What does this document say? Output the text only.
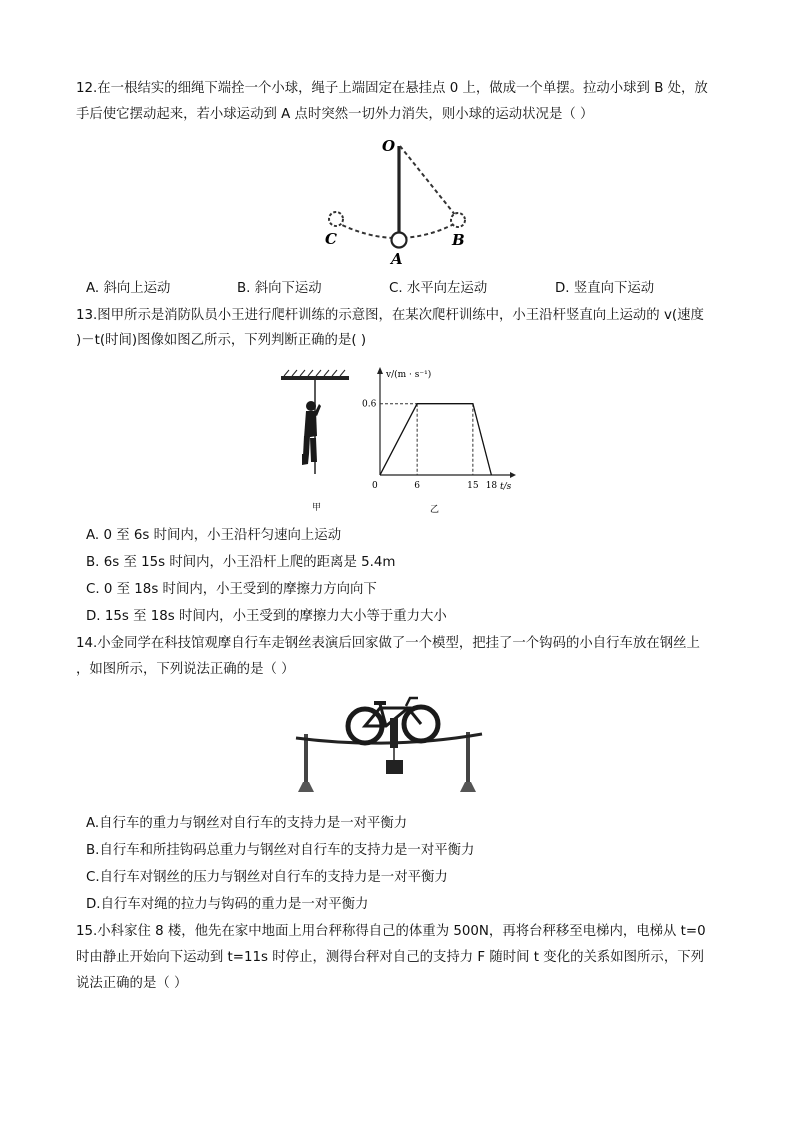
12.在一根结实的细绳下端拴一个小球，绳子上端固定在悬挂点 0 上，做成一个单摆。拉动小球到 B 处，放
手后使它摆动起来，若小球运动到 A 点时突然一切外力消失，则小球的运动状况是（ ）
O
C
A
B
A. 斜向上运动	B. 斜向下运动	C. 水平向左运动	D. 竖直向下运动
13.图甲所示是消防队员小王进行爬杆训练的示意图，在某次爬杆训练中，小王沿杆竖直向上运动的 v(速度
)－t(时间)图像如图乙所示，下列判断正确的是( )
甲
v/(m · s⁻¹)
t/s
0	6	15 18
0.6
乙
A. 0 至 6s 时间内，小王沿杆匀速向上运动
B. 6s 至 15s 时间内，小王沿杆上爬的距离是 5.4m
C. 0 至 18s 时间内，小王受到的摩擦力方向向下
D. 15s 至 18s 时间内，小王受到的摩擦力大小等于重力大小
14.小金同学在科技馆观摩自行车走钢丝表演后回家做了一个模型，把挂了一个钩码的小自行车放在钢丝上
，如图所示，下列说法正确的是（ ）
A.自行车的重力与钢丝对自行车的支持力是一对平衡力
B.自行车和所挂钩码总重力与钢丝对自行车的支持力是一对平衡力
C.自行车对钢丝的压力与钢丝对自行车的支持力是一对平衡力
D.自行车对绳的拉力与钩码的重力是一对平衡力
15.小科家住 8 楼，他先在家中地面上用台秤称得自己的体重为 500N，再将台秤移至电梯内，电梯从 t=0
时由静止开始向下运动到 t=11s 时停止，测得台秤对自己的支持力 F 随时间 t 变化的关系如图所示，下列
说法正确的是（ ）
